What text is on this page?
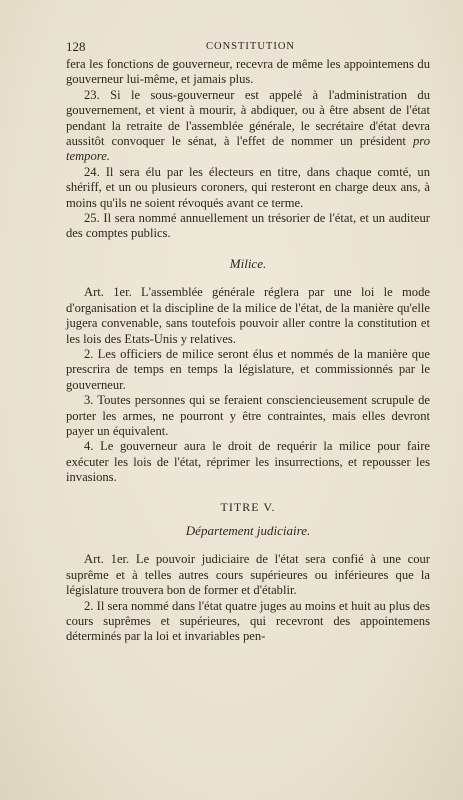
128	CONSTITUTION

fera les fonctions de gouverneur, recevra de même les appointemens du gouverneur lui-même, et jamais plus.

23. Si le sous-gouverneur est appelé à l'administration du gouvernement, et vient à mourir, à abdiquer, ou à être absent de l'état pendant la retraite de l'assemblée générale, le secrétaire d'état devra aussitôt convoquer le sénat, à l'effet de nommer un président pro tempore.

24. Il sera élu par les électeurs en titre, dans chaque comté, un shériff, et un ou plusieurs coroners, qui resteront en charge deux ans, à moins qu'ils ne soient révoqués avant ce terme.

25. Il sera nommé annuellement un trésorier de l'état, et un auditeur des comptes publics.

Milice.

Art. 1er. L'assemblée générale réglera par une loi le mode d'organisation et la discipline de la milice de l'état, de la manière qu'elle jugera convenable, sans toutefois pouvoir aller contre la constitution et les lois des Etats-Unis y relatives.

2. Les officiers de milice seront élus et nommés de la manière que prescrira de temps en temps la législature, et commissionnés par le gouverneur.

3. Toutes personnes qui se feraient consciencieusement scrupule de porter les armes, ne pourront y être contraintes, mais elles devront payer un équivalent.

4. Le gouverneur aura le droit de requérir la milice pour faire exécuter les lois de l'état, réprimer les insurrections, et repousser les invasions.

TITRE V.

Département judiciaire.

Art. 1er. Le pouvoir judiciaire de l'état sera confié à une cour suprême et à telles autres cours supérieures ou inférieures que la législature trouvera bon de former et d'établir.

2. Il sera nommé dans l'état quatre juges au moins et huit au plus des cours suprêmes et supérieures, qui recevront des appointemens déterminés par la loi et invariables pen-
